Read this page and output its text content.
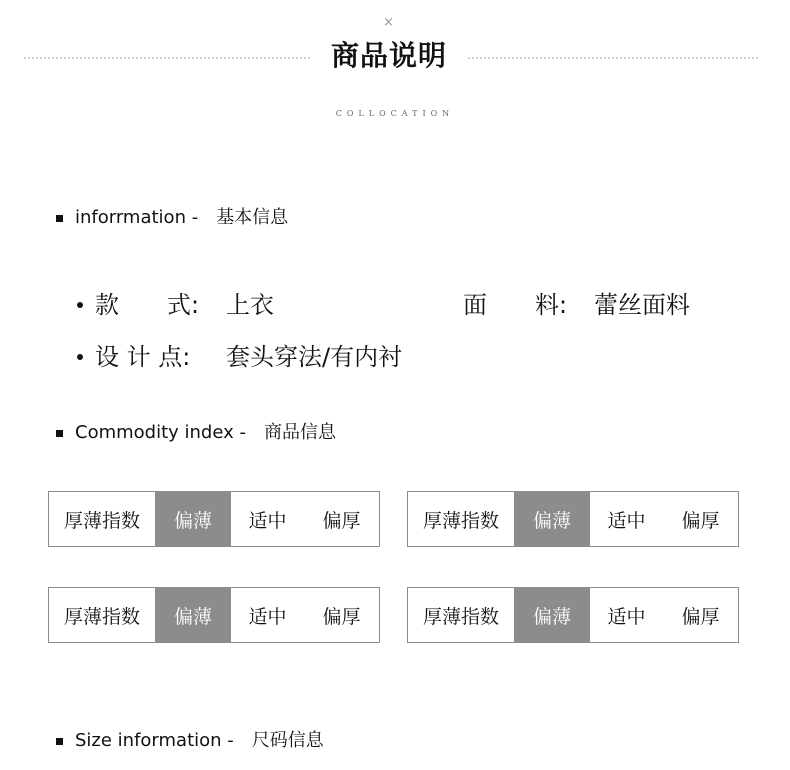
×
商品说明
COLLOCATION
inforrmation - 基本信息
款　　式: 上衣	面　　料: 蕾丝面料
设 计 点: 套头穿法/有内衬
Commodity index - 商品信息
厚薄指数	偏薄	适中	偏厚	厚薄指数	偏薄	适中	偏厚
厚薄指数	偏薄	适中	偏厚	厚薄指数	偏薄	适中	偏厚
Size information - 尺码信息
